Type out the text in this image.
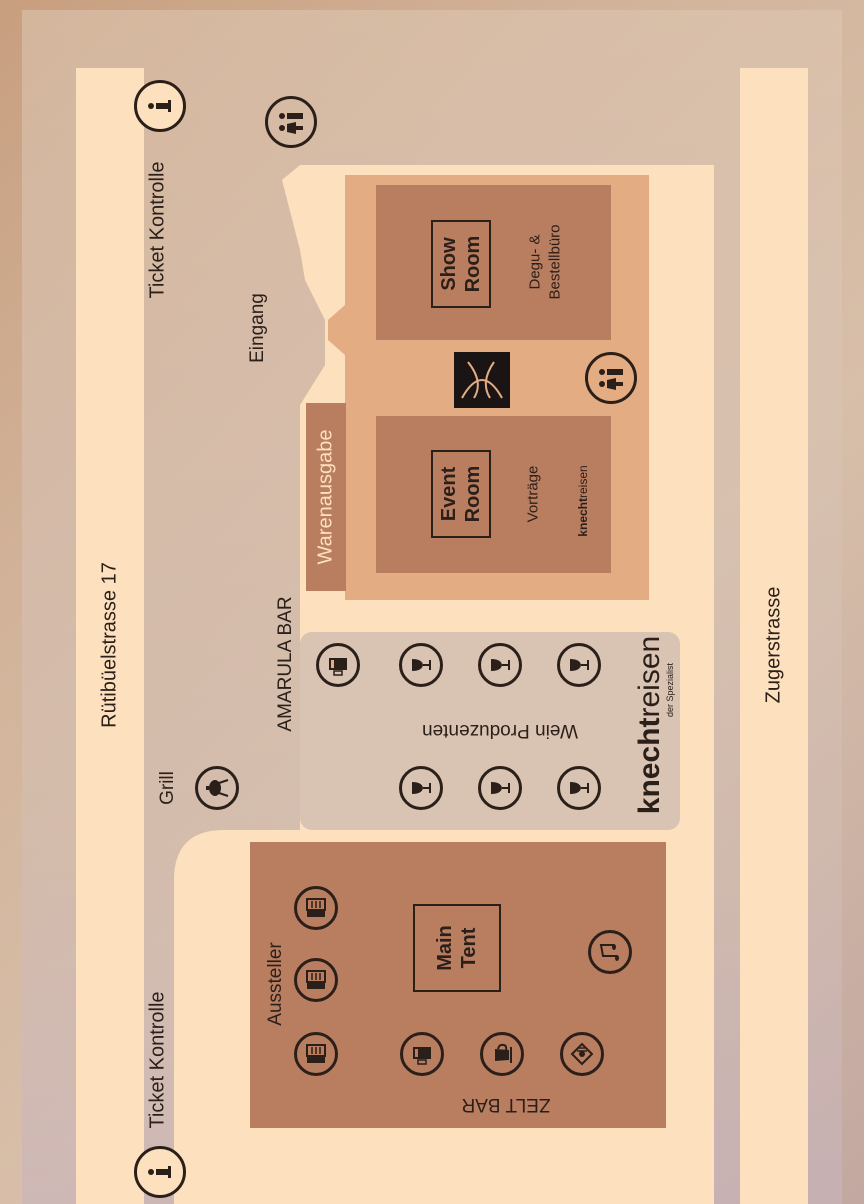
Show Room
Event Room
Main Tent
Rütibüelstrasse 17	Zugerstrasse
Ticket Kontrolle
Ticket Kontrolle
Eingang
Grill
AMARULA BAR
Warenausgabe
Aussteller
Degu- & Bestellbüro
Vorträge
Wein Produzenten
ZELT BAR
knechtreisen der Spezialist
knechtreisen
